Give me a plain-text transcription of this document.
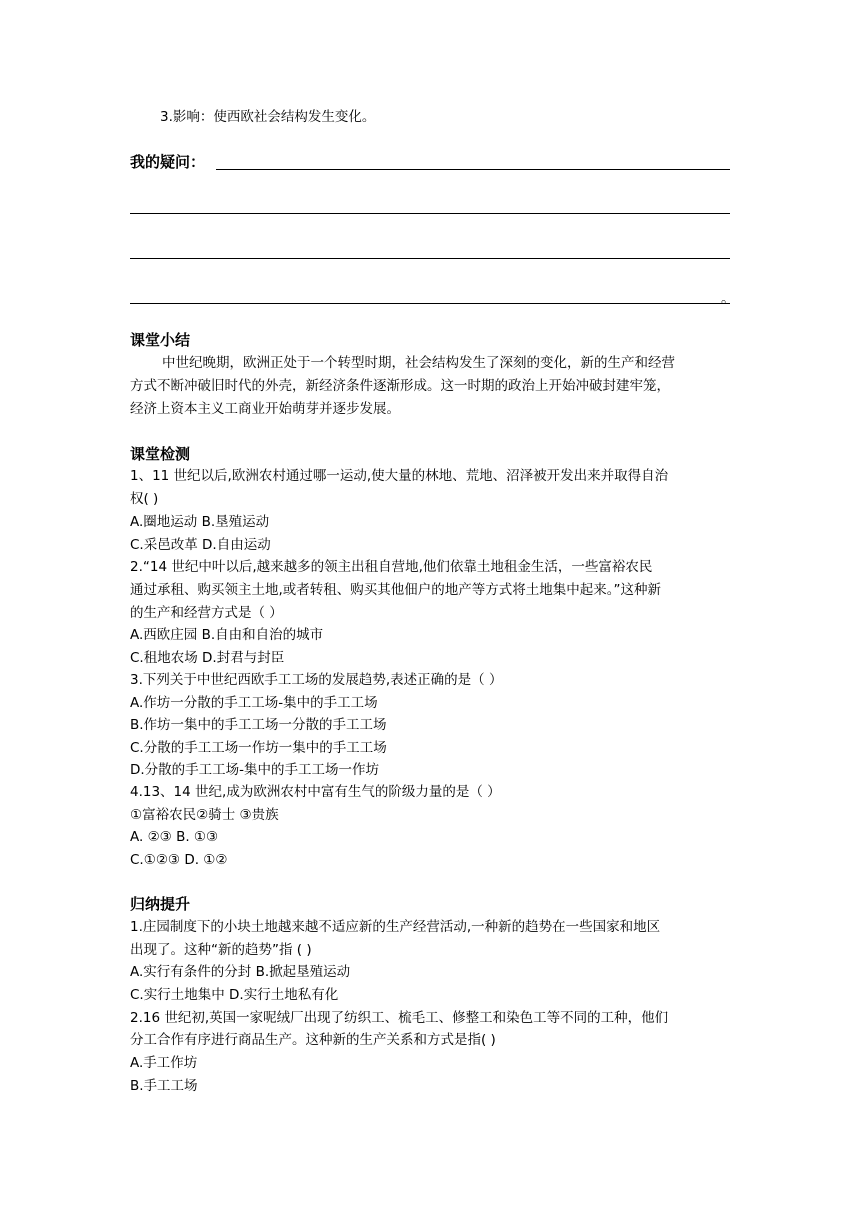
3.影响：使西欧社会结构发生变化。
我的疑问：
。
课堂小结
中世纪晚期，欧洲正处于一个转型时期，社会结构发生了深刻的变化，新的生产和经营
方式不断冲破旧时代的外壳，新经济条件逐渐形成。这一时期的政治上开始冲破封建牢笼，
经济上资本主义工商业开始萌芽并逐步发展。
课堂检测
1、11 世纪以后,欧洲农村通过哪一运动,使大量的林地、荒地、沼泽被开发出来并取得自治
权( )
A.圈地运动 B.垦殖运动
C.采邑改革 D.自由运动
2.“14 世纪中叶以后,越来越多的领主出租自营地,他们依靠土地租金生活，一些富裕农民
通过承租、购买领主土地,或者转租、购买其他佃户的地产等方式将土地集中起来。”这种新
的生产和经营方式是（ ）
A.西欧庄园 B.自由和自治的城市
C.租地农场 D.封君与封臣
3.下列关于中世纪西欧手工工场的发展趋势,表述正确的是（ ）
A.作坊一分散的手工工场-集中的手工工场
B.作坊一集中的手工工场一分散的手工工场
C.分散的手工工场一作坊一集中的手工工场
D.分散的手工工场-集中的手工工场一作坊
4.13、14 世纪,成为欧洲农村中富有生气的阶级力量的是（ ）
①富裕农民②骑士 ③贵族
A. ②③ B. ①③
C.①②③ D. ①②
归纳提升
1.庄园制度下的小块土地越来越不适应新的生产经营活动,一种新的趋势在一些国家和地区
出现了。这种“新的趋势”指 ( )
A.实行有条件的分封 B.掀起垦殖运动
C.实行土地集中 D.实行土地私有化
2.16 世纪初,英国一家呢绒厂出现了纺织工、梳毛工、修整工和染色工等不同的工种，他们
分工合作有序进行商品生产。这种新的生产关系和方式是指( )
A.手工作坊
B.手工工场
